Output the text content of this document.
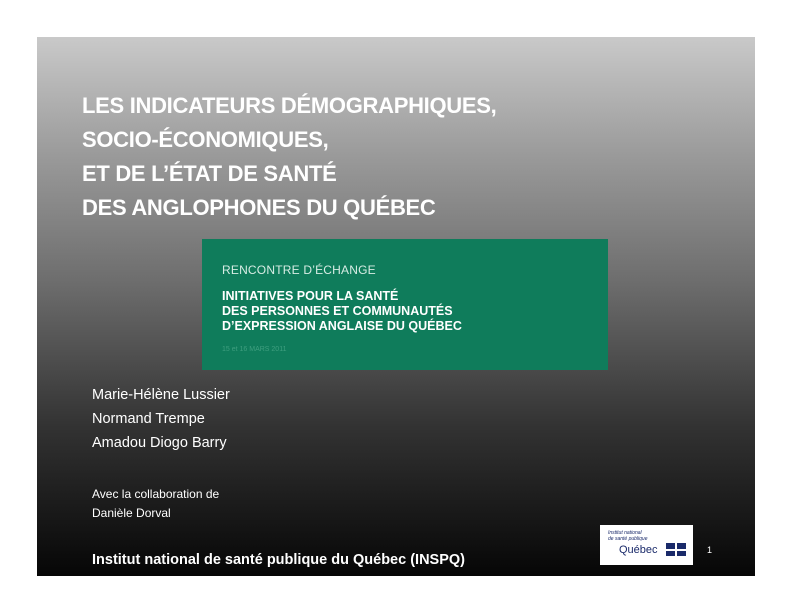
LES INDICATEURS DÉMOGRAPHIQUES,
SOCIO-ÉCONOMIQUES,
ET DE L’ÉTAT DE SANTÉ
DES ANGLOPHONES DU QUÉBEC
RENCONTRE D’ÉCHANGE
INITIATIVES POUR LA SANTÉ
DES PERSONNES ET COMMUNAUTÉS
D’EXPRESSION ANGLAISE DU QUÉBEC
15 et 16 MARS 2011
Marie-Hélène Lussier
Normand Trempe
Amadou Diogo Barry
Avec la collaboration de
Danièle Dorval
Institut national de santé publique du Québec (INSPQ)
Institut national
de santé publique
Québec	1
